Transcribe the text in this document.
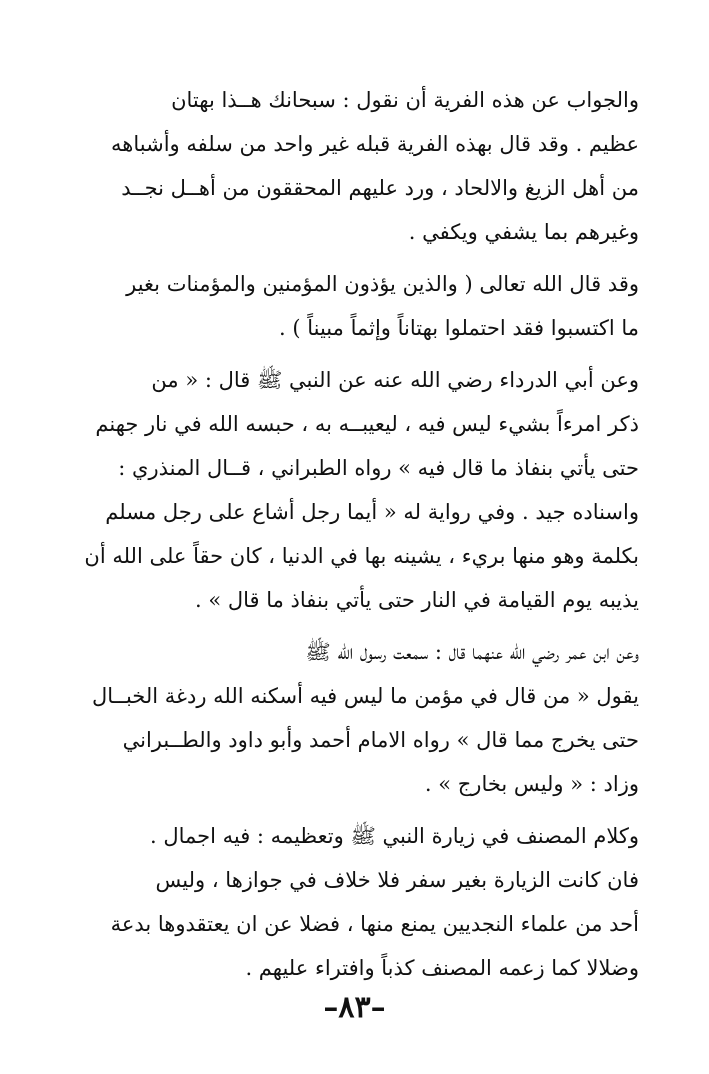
والجواب عن هذه الفرية أن نقول : سبحانك هــذا بهتان
عظيم . وقد قال بهذه الفرية قبله غير واحد من سلفه وأشباهه
من أهل الزيغ والالحاد ، ورد عليهم المحققون من أهــل نجــد
وغيرهم بما يشفي ويكفي .
وقد قال الله تعالى ( والذين يؤذون المؤمنين والمؤمنات بغير
ما اكتسبوا فقد احتملوا بهتاناً وإثماً مبيناً ) .
وعن أبي الدرداء رضي الله عنه عن النبي ﷺ قال : « من
ذكر امرءاً بشيء ليس فيه ، ليعيبــه به ، حبسه الله في نار جهنم
حتى يأتي بنفاذ ما قال فيه » رواه الطبراني ، قــال المنذري :
واسناده جيد . وفي رواية له « أيما رجل أشاع على رجل مسلم
بكلمة وهو منها بريء ، يشينه بها في الدنيا ، كان حقاً على الله أن
يذيبه يوم القيامة في النار حتى يأتي بنفاذ ما قال » .
وعن ابن عمر رضي الله عنهما قال : سمعت رسول الله ﷺ
يقول « من قال في مؤمن ما ليس فيه أسكنه الله ردغة الخبــال
حتى يخرج مما قال » رواه الامام أحمد وأبو داود والطــبراني
وزاد : « وليس بخارج » .
وكلام المصنف في زيارة النبي ﷺ وتعظيمه : فيه اجمال .
فان كانت الزيارة بغير سفر فلا خلاف في جوازها ، وليس
أحد من علماء النجديين يمنع منها ، فضلا عن ان يعتقدوها بدعة
وضلالا كما زعمه المصنف كذباً وافتراء عليهم .
–٨٣–
